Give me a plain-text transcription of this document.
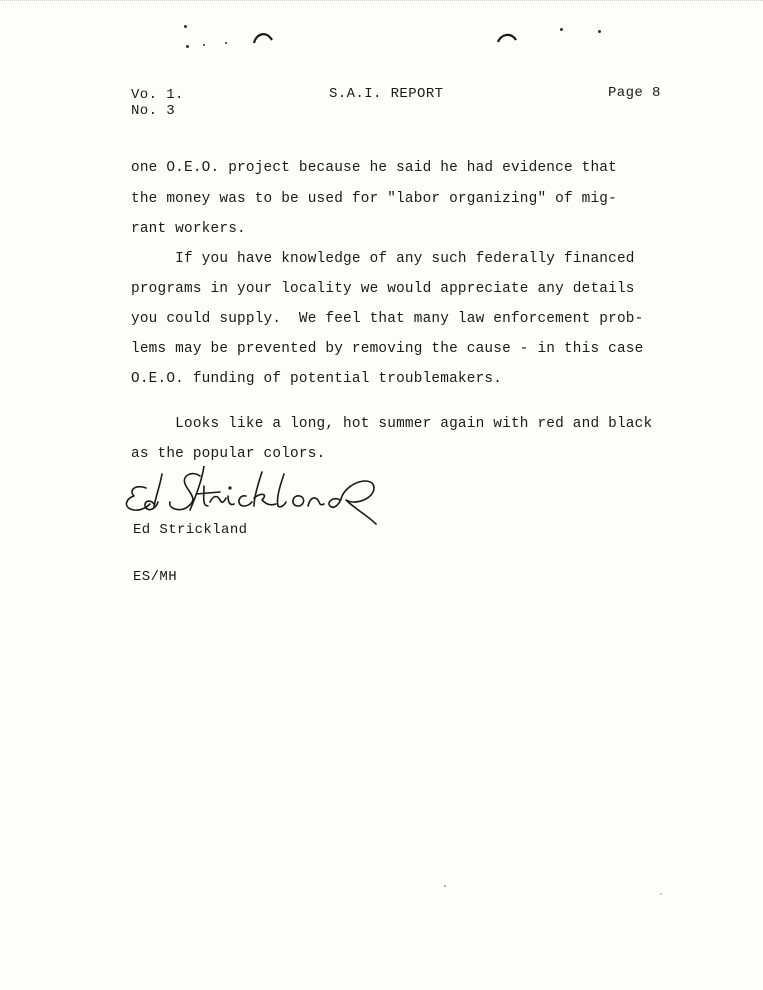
Vo. 1.
No. 3
S.A.I. REPORT	Page 8
one O.E.O. project because he said he had evidence that
the money was to be used for "labor organizing" of mig-
rant workers.
If you have knowledge of any such federally financed
programs in your locality we would appreciate any details
you could supply.  We feel that many law enforcement prob-
lems may be prevented by removing the cause - in this case
O.E.O. funding of potential troublemakers.
Looks like a long, hot summer again with red and black
as the popular colors.
Ed Strickland
ES/MH
